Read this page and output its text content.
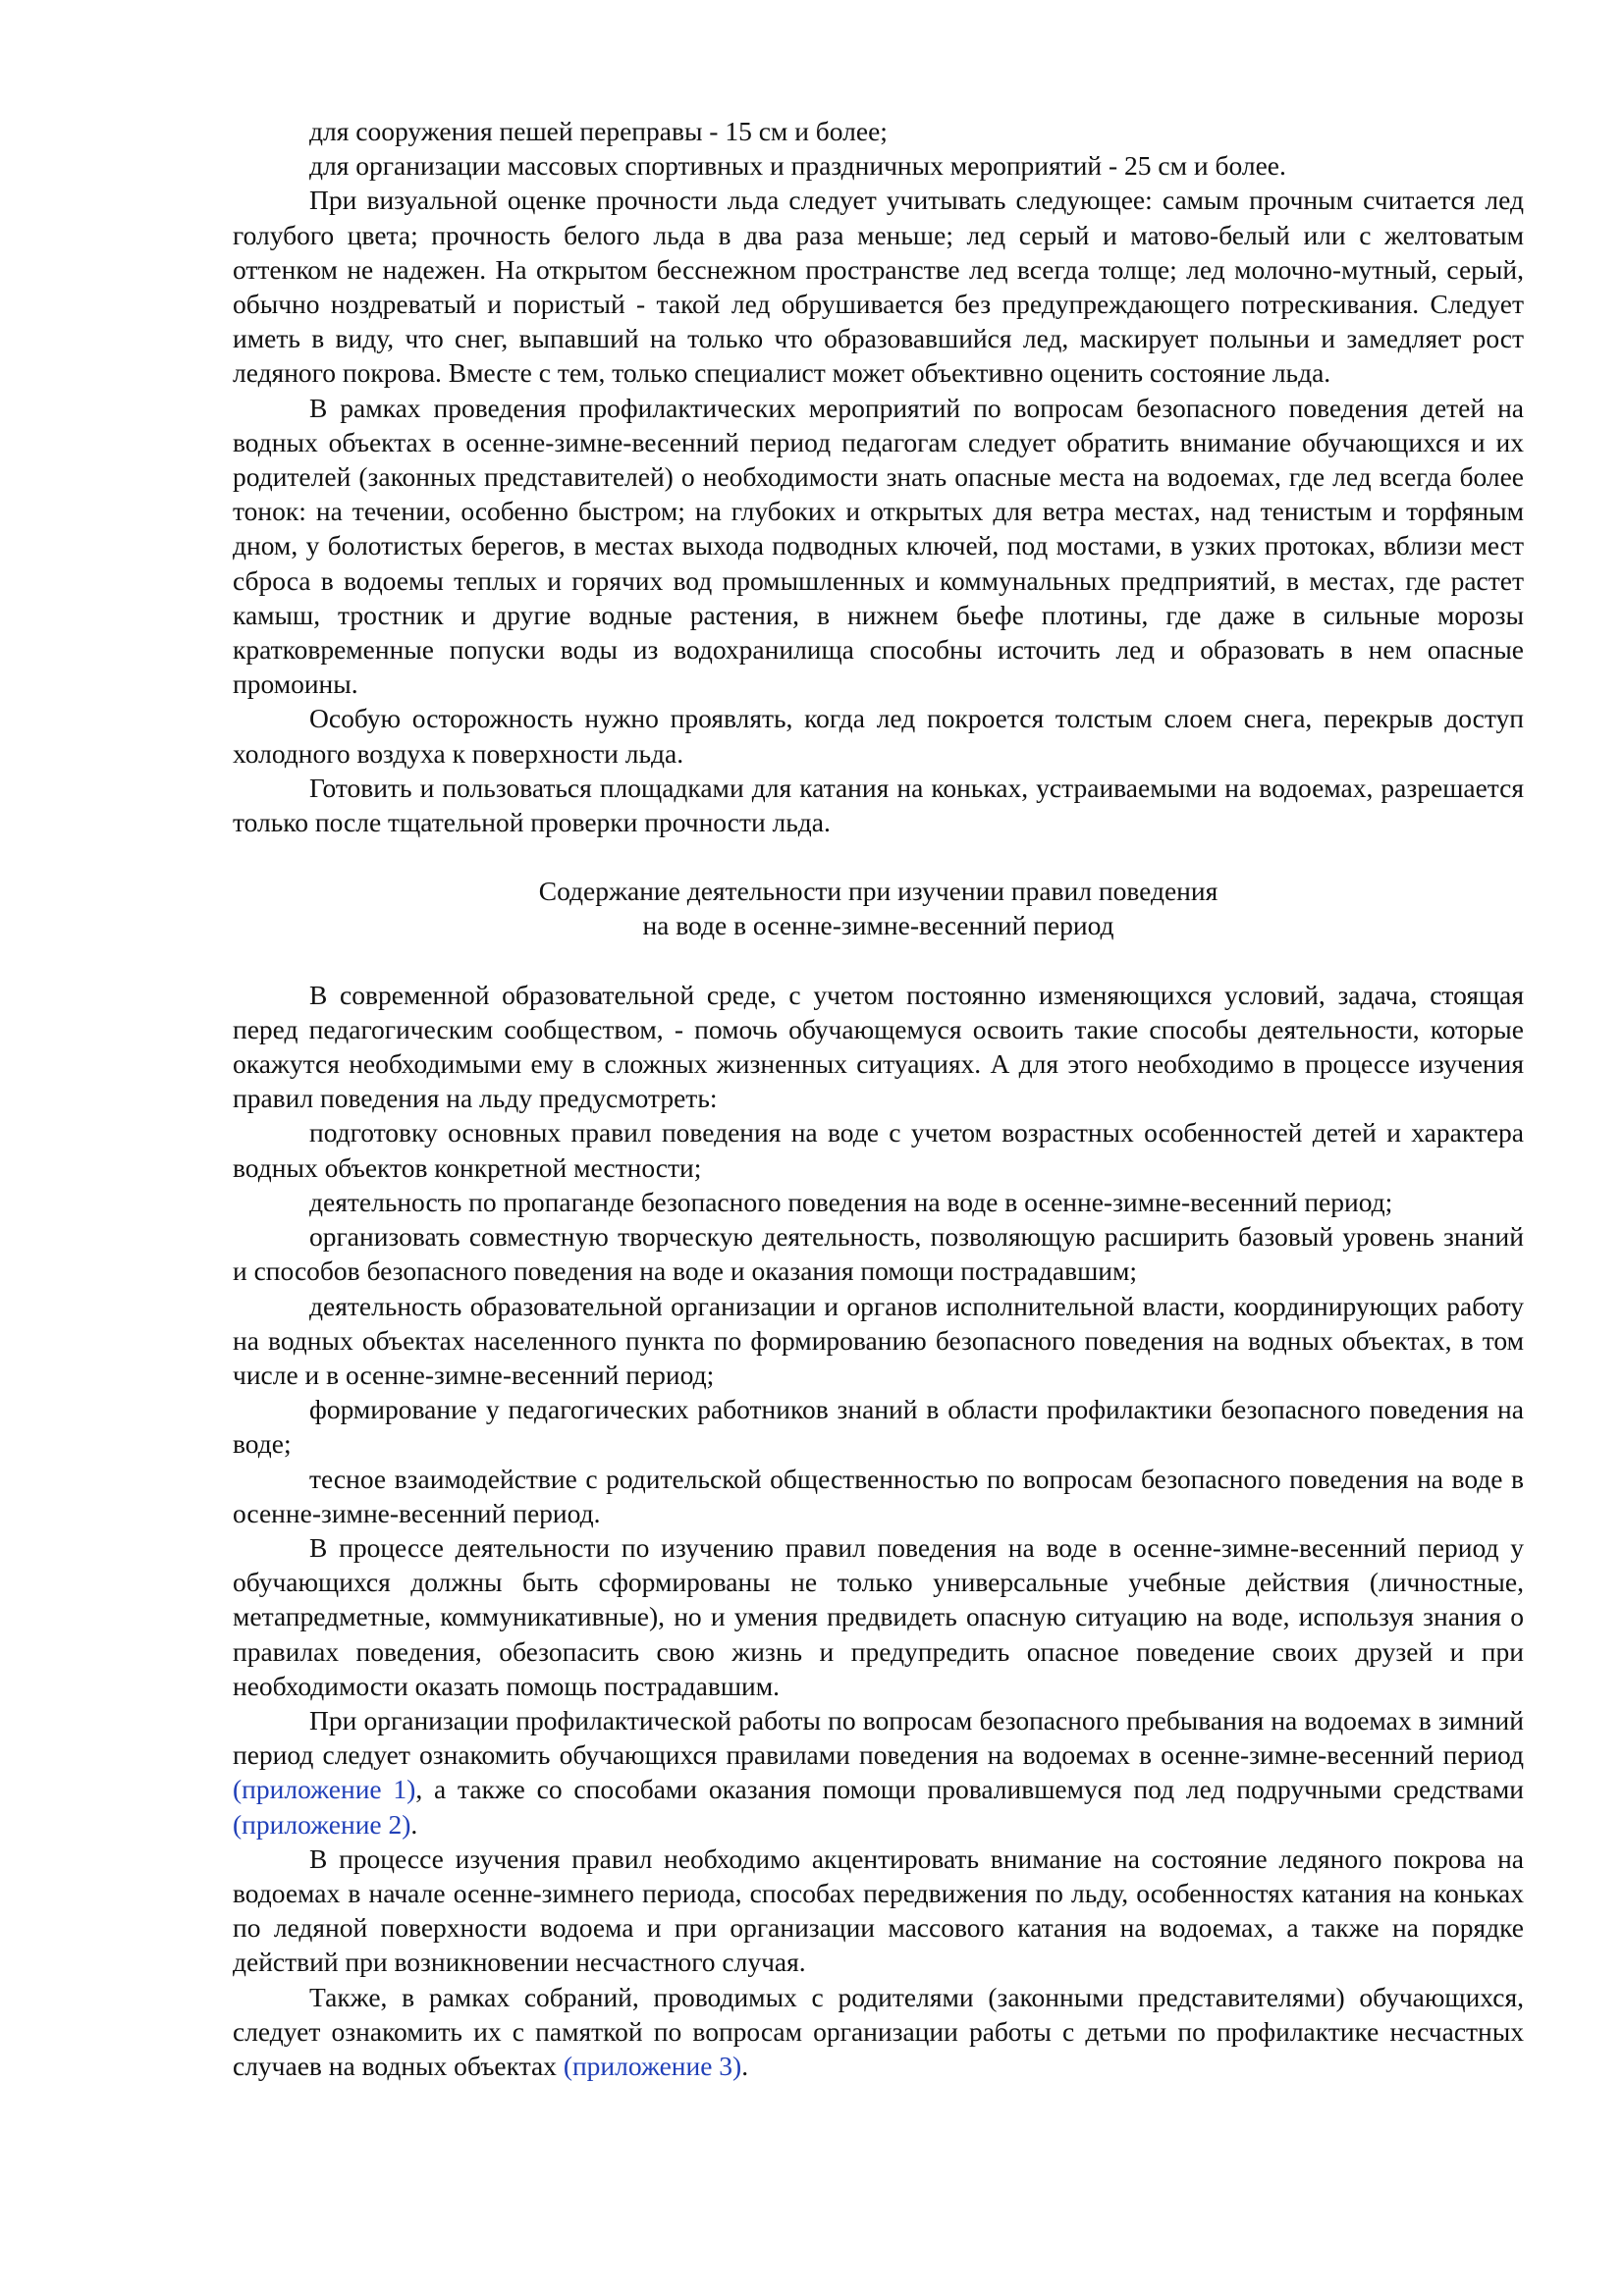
для сооружения пешей переправы - 15 см и более;

для организации массовых спортивных и праздничных мероприятий - 25 см и более.

При визуальной оценке прочности льда следует учитывать следующее: самым прочным считается лед голубого цвета; прочность белого льда в два раза меньше; лед серый и матово-белый или с желтоватым оттенком не надежен. На открытом бесснежном пространстве лед всегда толще; лед молочно-мутный, серый, обычно ноздреватый и пористый - такой лед обрушивается без предупреждающего потрескивания. Следует иметь в виду, что снег, выпавший на только что образовавшийся лед, маскирует полыньи и замедляет рост ледяного покрова. Вместе с тем, только специалист может объективно оценить состояние льда.

В рамках проведения профилактических мероприятий по вопросам безопасного поведения детей на водных объектах в осенне-зимне-весенний период педагогам следует обратить внимание обучающихся и их родителей (законных представителей) о необходимости знать опасные места на водоемах, где лед всегда более тонок: на течении, особенно быстром; на глубоких и открытых для ветра местах, над тенистым и торфяным дном, у болотистых берегов, в местах выхода подводных ключей, под мостами, в узких протоках, вблизи мест сброса в водоемы теплых и горячих вод промышленных и коммунальных предприятий, в местах, где растет камыш, тростник и другие водные растения, в нижнем бьефе плотины, где даже в сильные морозы кратковременные попуски воды из водохранилища способны источить лед и образовать в нем опасные промоины.

Особую осторожность нужно проявлять, когда лед покроется толстым слоем снега, перекрыв доступ холодного воздуха к поверхности льда.

Готовить и пользоваться площадками для катания на коньках, устраиваемыми на водоемах, разрешается только после тщательной проверки прочности льда.

Содержание деятельности при изучении правил поведения

на воде в осенне-зимне-весенний период

В современной образовательной среде, с учетом постоянно изменяющихся условий, задача, стоящая перед педагогическим сообществом, - помочь обучающемуся освоить такие способы деятельности, которые окажутся необходимыми ему в сложных жизненных ситуациях. А для этого необходимо в процессе изучения правил поведения на льду предусмотреть:

подготовку основных правил поведения на воде с учетом возрастных особенностей детей и характера водных объектов конкретной местности;

деятельность по пропаганде безопасного поведения на воде в осенне-зимне-весенний период;

организовать совместную творческую деятельность, позволяющую расширить базовый уровень знаний и способов безопасного поведения на воде и оказания помощи пострадавшим;

деятельность образовательной организации и органов исполнительной власти, координирующих работу на водных объектах населенного пункта по формированию безопасного поведения на водных объектах, в том числе и в осенне-зимне-весенний период;

формирование у педагогических работников знаний в области профилактики безопасного поведения на воде;

тесное взаимодействие с родительской общественностью по вопросам безопасного поведения на воде в осенне-зимне-весенний период.

В процессе деятельности по изучению правил поведения на воде в осенне-зимне-весенний период у обучающихся должны быть сформированы не только универсальные учебные действия (личностные, метапредметные, коммуникативные), но и умения предвидеть опасную ситуацию на воде, используя знания о правилах поведения, обезопасить свою жизнь и предупредить опасное поведение своих друзей и при необходимости оказать помощь пострадавшим.

При организации профилактической работы по вопросам безопасного пребывания на водоемах в зимний период следует ознакомить обучающихся правилами поведения на водоемах в осенне-зимне-весенний период (приложение 1), а также со способами оказания помощи провалившемуся под лед подручными средствами (приложение 2).

В процессе изучения правил необходимо акцентировать внимание на состояние ледяного покрова на водоемах в начале осенне-зимнего периода, способах передвижения по льду, особенностях катания на коньках по ледяной поверхности водоема и при организации массового катания на водоемах, а также на порядке действий при возникновении несчастного случая.

Также, в рамках собраний, проводимых с родителями (законными представителями) обучающихся, следует ознакомить их с памяткой по вопросам организации работы с детьми по профилактике несчастных случаев на водных объектах (приложение 3).
